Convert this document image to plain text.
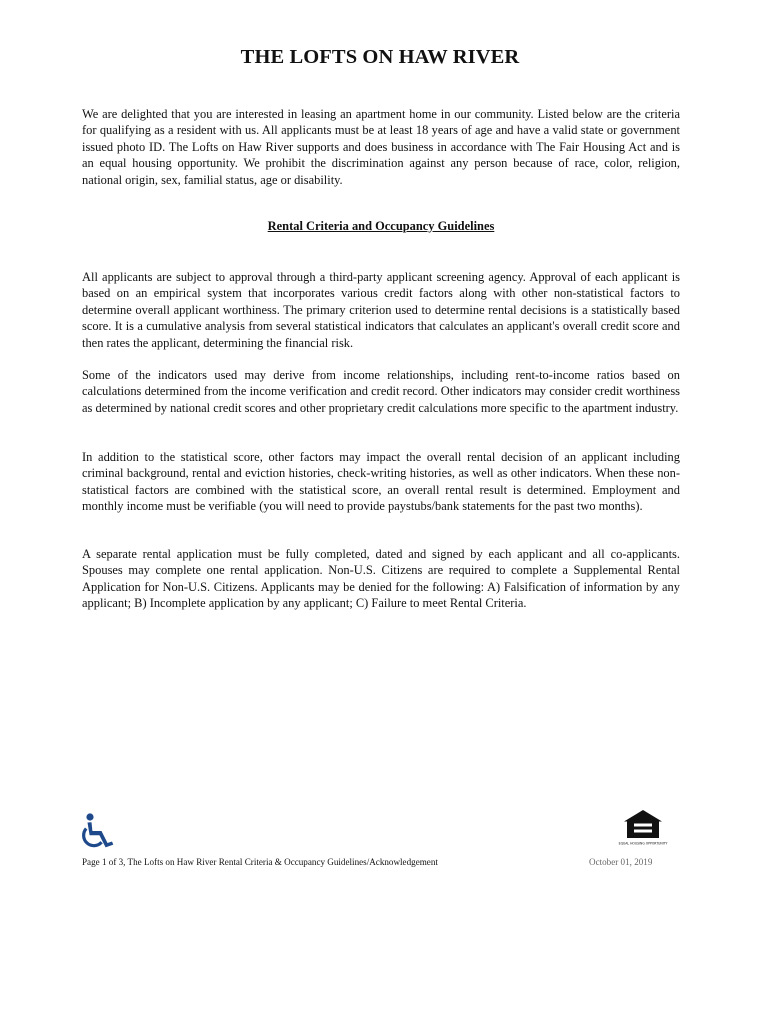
THE LOFTS ON HAW RIVER

We are delighted that you are interested in leasing an apartment home in our community. Listed below are the criteria for qualifying as a resident with us. All applicants must be at least 18 years of age and have a valid state or government issued photo ID. The Lofts on Haw River supports and does business in accordance with The Fair Housing Act and is an equal housing opportunity. We prohibit the discrimination against any person because of race, color, religion, national origin, sex, familial status, age or disability.

Rental Criteria and Occupancy Guidelines

All applicants are subject to approval through a third-party applicant screening agency. Approval of each applicant is based on an empirical system that incorporates various credit factors along with other non-statistical factors to determine overall applicant worthiness. The primary criterion used to determine rental decisions is a statistically based score. It is a cumulative analysis from several statistical indicators that calculates an applicant's overall credit score and then rates the applicant, determining the financial risk.

Some of the indicators used may derive from income relationships, including rent-to-income ratios based on calculations determined from the income verification and credit record. Other indicators may consider credit worthiness as determined by national credit scores and other proprietary credit calculations more specific to the apartment industry.

In addition to the statistical score, other factors may impact the overall rental decision of an applicant including criminal background, rental and eviction histories, check-writing histories, as well as other indicators. When these non-statistical factors are combined with the statistical score, an overall rental result is determined. Employment and monthly income must be verifiable (you will need to provide paystubs/bank statements for the past two months).

A separate rental application must be fully completed, dated and signed by each applicant and all co-applicants. Spouses may complete one rental application. Non-U.S. Citizens are required to complete a Supplemental Rental Application for Non-U.S. Citizens. Applicants may be denied for the following: A) Falsification of information by any applicant; B) Incomplete application by any applicant; C) Failure to meet Rental Criteria.

EQUAL HOUSING OPPORTUNITY

Page 1 of 3, The Lofts on Haw River Rental Criteria & Occupancy Guidelines/Acknowledgement	October 01, 2019
